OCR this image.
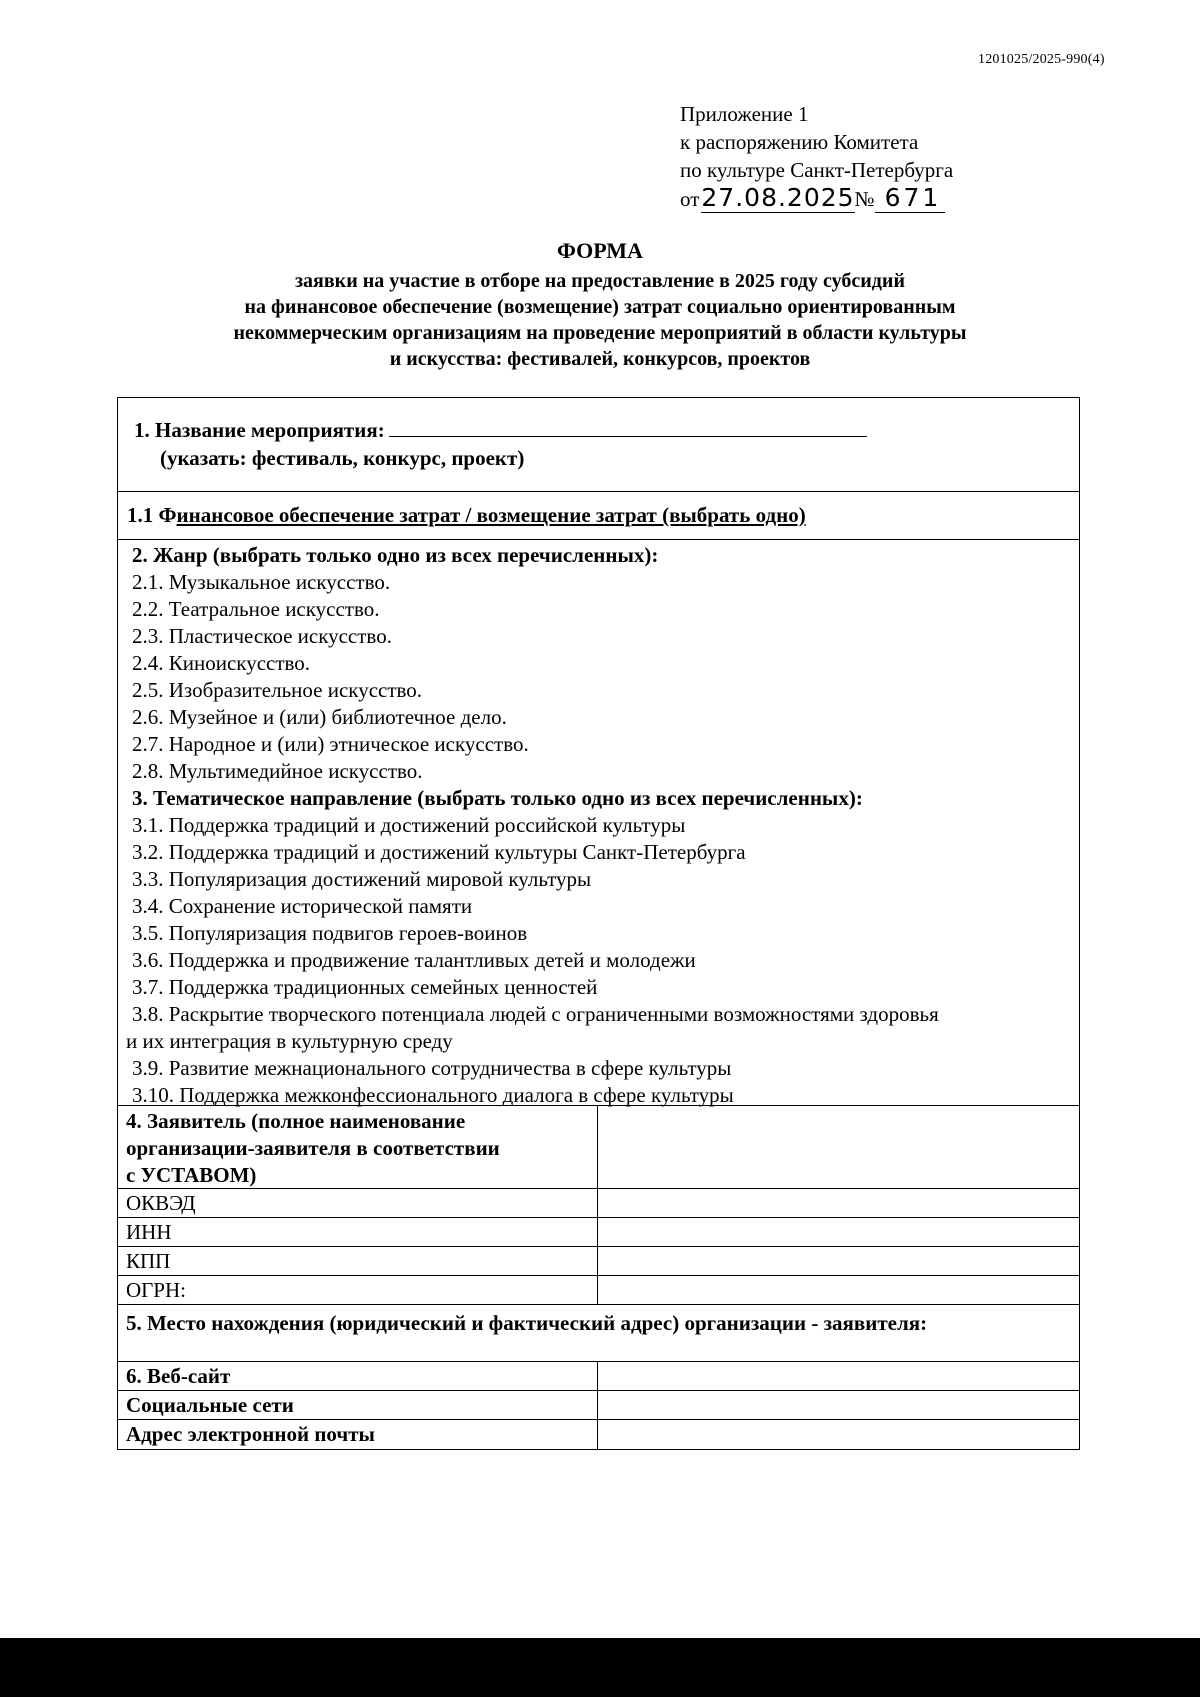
1201025/2025-990(4)
Приложение 1
к распоряжению Комитета
по культуре Санкт-Петербурга
от27.08.2025№ 671
ФОРМА
заявки на участие в отборе на предоставление в 2025 году субсидий
на финансовое обеспечение (возмещение) затрат социально ориентированным
некоммерческим организациям на проведение мероприятий в области культуры
и искусства: фестивалей, конкурсов, проектов
1. Название мероприятия:
(указать: фестиваль, конкурс, проект)
1.1 Финансовое обеспечение затрат / возмещение затрат (выбрать одно)
2. Жанр (выбрать только одно из всех перечисленных):
2.1. Музыкальное искусство.
2.2. Театральное искусство.
2.3. Пластическое искусство.
2.4. Киноискусство.
2.5. Изобразительное искусство.
2.6. Музейное и (или) библиотечное дело.
2.7. Народное и (или) этническое искусство.
2.8. Мультимедийное искусство.
3. Тематическое направление (выбрать только одно из всех перечисленных):
3.1. Поддержка традиций и достижений российской культуры
3.2. Поддержка традиций и достижений культуры Санкт-Петербурга
3.3. Популяризация достижений мировой культуры
3.4. Сохранение исторической памяти
3.5. Популяризация подвигов героев-воинов
3.6. Поддержка и продвижение талантливых детей и молодежи
3.7. Поддержка традиционных семейных ценностей
3.8. Раскрытие творческого потенциала людей с ограниченными возможностями здоровья
и их интеграция в культурную среду
3.9. Развитие межнационального сотрудничества в сфере культуры
3.10. Поддержка межконфессионального диалога в сфере культуры
4. Заявитель (полное наименование
организации-заявителя в соответствии
с УСТАВОМ)
ОКВЭД
ИНН
КПП
ОГРН:
5. Место нахождения (юридический и фактический адрес) организации - заявителя:
6. Веб-сайт
Социальные сети
Адрес электронной почты
